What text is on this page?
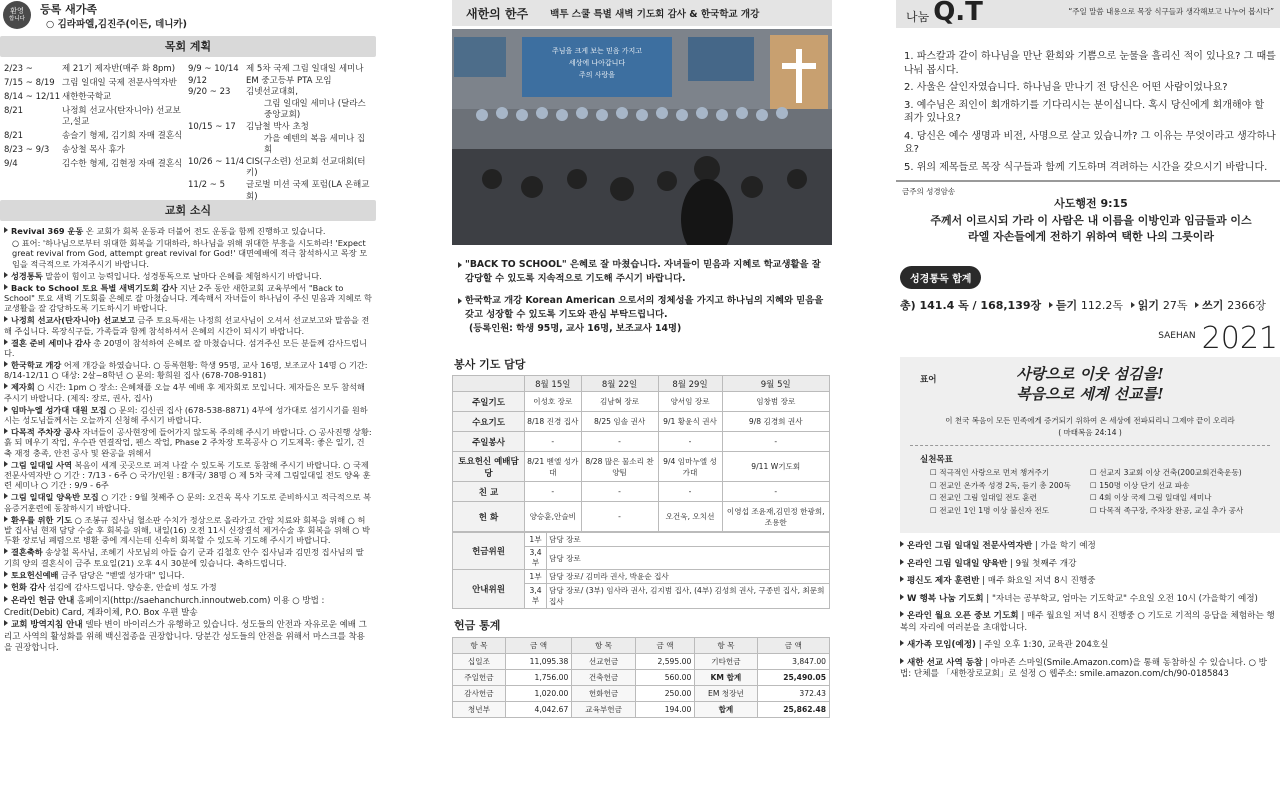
환영
합니다
등록 새가족
○ 김라파엘,김진주(이든, 데니카)
목회 계획
2/23 ~	제 21기 제자반(매주 화 8pm)
7/15 ~ 8/19 그림 일대일 국제 전문사역자반
8/14 ~ 12/11 새한한국학교
8/21	나정희 선교사(탄자니아) 선교보고,설교
8/21	송슬기 형제, 김기희 자매 결혼식
8/23 ~ 9/3	송상철 목사 휴가
9/4	김수한 형제, 김현정 자매 결혼식
9/9 ~ 10/14 제 5차 국제 그림 일대일 세미나
9/12	EM 중고등부 PTA 모임
9/20 ~ 23	김넷선교대회,
그림 일대일 세미나 (달라스 중앙교회)
10/15 ~ 17	김남철 박사 초청
가을 예텐의 복음 세미나 집회
10/26 ~ 11/4 CIS(구소련) 선교회 선교대회(터키)
11/2 ~ 5	글로벌 미션 국제 포럼(LA 온해교회)
교회 소식
Revival 369 운동 온 교회가 회복 운동과 더불어 전도 운동을 함께 진행하고 있습니다.
○ 표어: '하나님으로부터 위대한 회복을 기대하라, 하나님을 위해 위대한 부흥을 시도하라! 'Expect great revival from God, attempt great revival for God!' 대면예배에 적극 참석하시고 목장 모임을 적극적으로 가져주시기 바랍니다.
성경통독 말씀이 힘이고 능력입니다. 성경통독으로 날마다 은혜를 체험하시기 바랍니다.
Back to School 토요 특별 새벽기도회 감사 지난 2주 동안 새한교회 교육부에서 "Back to School" 토요 새벽 기도회를 은혜로 잘 마쳤습니다. 계속해서 자녀들이 하나님이 주신 믿음과 지혜로 학교생활을 잘 감당하도록 기도하시기 바랍니다.
나정희 선교사(탄자니아) 선교보고 금주 토요특새는 나정희 선교사님이 오셔서 선교보고와 말씀을 전해 주십니다. 목장식구들, 가족들과 함께 참석하셔서 은혜의 시간이 되시기 바랍니다.
결혼 준비 세미나 감사 총 20명이 참석하여 은혜로 잘 마쳤습니다. 섬겨주신 모든 분들께 감사드립니다.
한국학교 개강 어제 개강을 하였습니다. ○ 등록현황: 학생 95명, 교사 16명, 보조교사 14명 ○ 기간: 8/14-12/11 ○ 대상: 2살~8학년 ○ 문의: 황희원 집사 (678-708-9181)
제자회 ○ 시간: 1pm ○ 장소: 은혜채플 오늘 4부 예배 후 제자회로 모입니다. 제자들은 모두 참석해 주시기 바랍니다. (제직: 장로, 권사, 집사)
임마누엘 성가대 대원 모집 ○ 문의: 김신권 집사 (678-538-8871) 4부에 성가대로 섬기시기를 원하시는 성도님들께서는 오늘까지 신청해 주시기 바랍니다.
다목적 주차장 공사 자녀들이 공사현장에 들어가지 않도록 주의해 주시기 바랍니다. ○ 공사진행 상황: 흙 되 메우기 작업, 우수관 연결작업, 펜스 작업, Phase 2 주차장 토목공사 ○ 기도제목: 좋은 일기, 건축 재정 충족, 안전 공사 및 완공을 위해서
그림 일대일 사역 복음이 세계 곳곳으로 퍼져 나갈 수 있도록 기도로 동참해 주시기 바랍니다. ○ 국제 전문사역자반 ○ 기간 : 7/13 - 6주 ○ 국가/인원 : 8개국/ 38명 ○ 제 5차 국제 그림일대일 전도 양육 훈련 세미나 ○ 기간 : 9/9 - 6주
그림 일대일 양육반 모집 ○ 기간 : 9월 첫째주 ○ 문의: 오건욱 목사 기도로 준비하시고 적극적으로 복음증거훈련에 동참하시기 바랍니다.
환우를 위한 기도 ○ 조봉규 집사님 혈소판 수치가 정상으로 올라가고 간암 치료와 회복을 위해 ○ 허발 집사님 현재 담당 수술 후 회복을 위해, 내일(16) 오전 11시 신장결석 제거수술 후 회복을 위해 ○ 박두환 장로님 폐렴으로 병환 중에 계시는데 신속히 회복할 수 있도록 기도해 주시기 바랍니다.
결혼축하 송상철 목사님, 조혜기 사모님의 아들 습기 군과 김철호 안수 집사님과 김민정 집사님의 딸 기희 양의 결혼식이 금주 토요일(21) 오후 4시 30분에 있습니다. 축하드립니다.
토요헌신예배 금주 담당은 "벧엘 성가대" 입니다.
헌화 감사 섬김에 감사드립니다. 양승훈, 안슬비 성도 가정
온라인 헌금 안내 홈페이지(http://saehanchurch.innoutweb.com) 이용 ○ 방법 : Credit(Debit) Card, 계좌이체, P.O. Box 우편 발송
교회 방역지침 안내 델타 변이 바이러스가 유행하고 있습니다. 성도들의 안전과 자유로운 예배 그리고 사역의 활성화를 위해 백신접종을 권장합니다. 당분간 성도들의 안전을 위해서 마스크를 착용을 권장합니다.
새한의 한주 백투 스쿨 특별 새벽 기도회 감사 & 한국학교 개강
주님을 크게 보는 믿음 가지고
세상에 나아갑니다
주의 사랑을
"BACK TO SCHOOL" 은혜로 잘 마쳤습니다. 자녀들이 믿음과 지혜로 학교생활을 잘 감당할 수 있도록 지속적으로 기도해 주시기 바랍니다.
한국학교 개강 Korean American 으로서의 정체성을 가지고 하나님의 지혜와 믿음을 갖고 성장할 수 있도록 기도와 관심 부탁드립니다.
(등록인원: 학생 95명, 교사 16명, 보조교사 14명)
봉사 기도 담당
	8월 15일	8월 22일	8월 29일	9월 5일
주일기도	이성호 장로	김남혁 장로	양서임 장로	임창범 장로
수요기도	8/18 진경 집사	8/25 임솔 권사	9/1 황윤식 권사	9/8 김경희 권사
주일봉사	-	-	-	-
토요헌신 예배담당	8/21 벧엘 성가대	8/28 많은 물소리 찬양팀	9/4 임마누엘 성가대	9/11 W기도회
친 교	-	-	-	-
헌 화	양승훈,안슬비	-	오건욱, 오치선	이영섭 조윤재,김민정 한광희,조용한
헌금위원	1부	담당 장로
	3,4부	담당 장로
안내위원	1부	담당 장로/ 김미라 권사, 박윤순 집사
	3,4부	담당 장로/ (3부) 임사라 권사, 김지범 집사, (4부) 김성희 권사, 구종빈 집사, 최문희 집사
헌금 통계
항 목	금 액	항 목	금 액	항 목	금 액
십일조	11,095.38	선교헌금	2,595.00	기타헌금	3,847.00
주일헌금	1,756.00	건축헌금	560.00	KM 합계	25,490.05
감사헌금	1,020.00	헌화헌금	250.00	EM 청장년	372.43
청년부	4,042.67	교육부헌금	194.00	합계	25,862.48
나눔 Q.T	“주일 말씀 내용으로 목장 식구들과 생각해보고 나누어 봅시다”
1. 파스칼과 같이 하나님을 만난 환희와 기쁨으로 눈물을 흘리신 적이 있나요? 그 때를 나눠 봅시다.
2. 사울은 살인자였습니다. 하나님을 만나기 전 당신은 어떤 사람이었나요?
3. 예수님은 죄인이 회개하기를 기다리시는 분이십니다. 혹시 당신에게 회개해야 할 죄가 있나요?
4. 당신은 예수 생명과 비전, 사명으로 살고 있습니까? 그 이유는 무엇이라고 생각하나요?
5. 위의 제목들로 목장 식구들과 함께 기도하며 격려하는 시간을 갖으시기 바랍니다.
금주의 성경암송
사도행전 9:15
주께서 이르시되 가라 이 사람은 내 이름을 이방인과 임금들과 이스라엘 자손들에게 전하기 위하여 택한 나의 그릇이라
성경통독 합계
총) 141.4 독 / 168,139장 듣기 112.2독 읽기 27독 쓰기 2366장
$^{SAEHAN}$ 2021
표어	사랑으로 이웃 섬김을!
복음으로 세계 선교를!
이 천국 복음이 모든 민족에게 증거되기 위하여 온 세상에 전파되리니 그제야 끝이 오리라
( 마태복음 24:14 )
실천목표
☐ 적극적인 사랑으로 먼저 챙겨주기	☐ 선교지 3교회 이상 건축(200교회건축운동)
☐ 전교인 온가족 성경 2독, 듣기 총 200독	☐ 150명 이상 단기 선교 파송
☐ 전교인 그림 일대일 전도 훈련	☐ 4회 이상 국제 그림 일대일 세미나
☐ 전교인 1인 1명 이상 불신자 전도	☐ 다목적 족구장, 주차장 완공, 교실 추가 공사
온라인 그림 일대일 전문사역자반 | 가을 학기 예정
온라인 그림 일대일 양육반 | 9월 첫째주 개강
평신도 제자 훈련반 | 매주 화요일 저녁 8시 진행중
W 행복 나눔 기도회 | "자녀는 공부학교, 엄마는 기도학교" 수요일 오전 10시 (가을학기 예정)
온라인 월요 오픈 중보 기도회 | 매주 월요일 저녁 8시 진행중 ○ 기도로 기적의 응답을 체험하는 행복의 자리에 여러분을 초대합니다.
새가족 모임(예정) | 주일 오후 1:30, 교육관 204호실
새한 선교 사역 동참 | 아마존 스마일(Smile.Amazon.com)을 통해 동참하실 수 있습니다. ○ 방법: 단체를 「새한장로교회」로 설정 ○ 웹주소: smile.amazon.com/ch/90-0185843
